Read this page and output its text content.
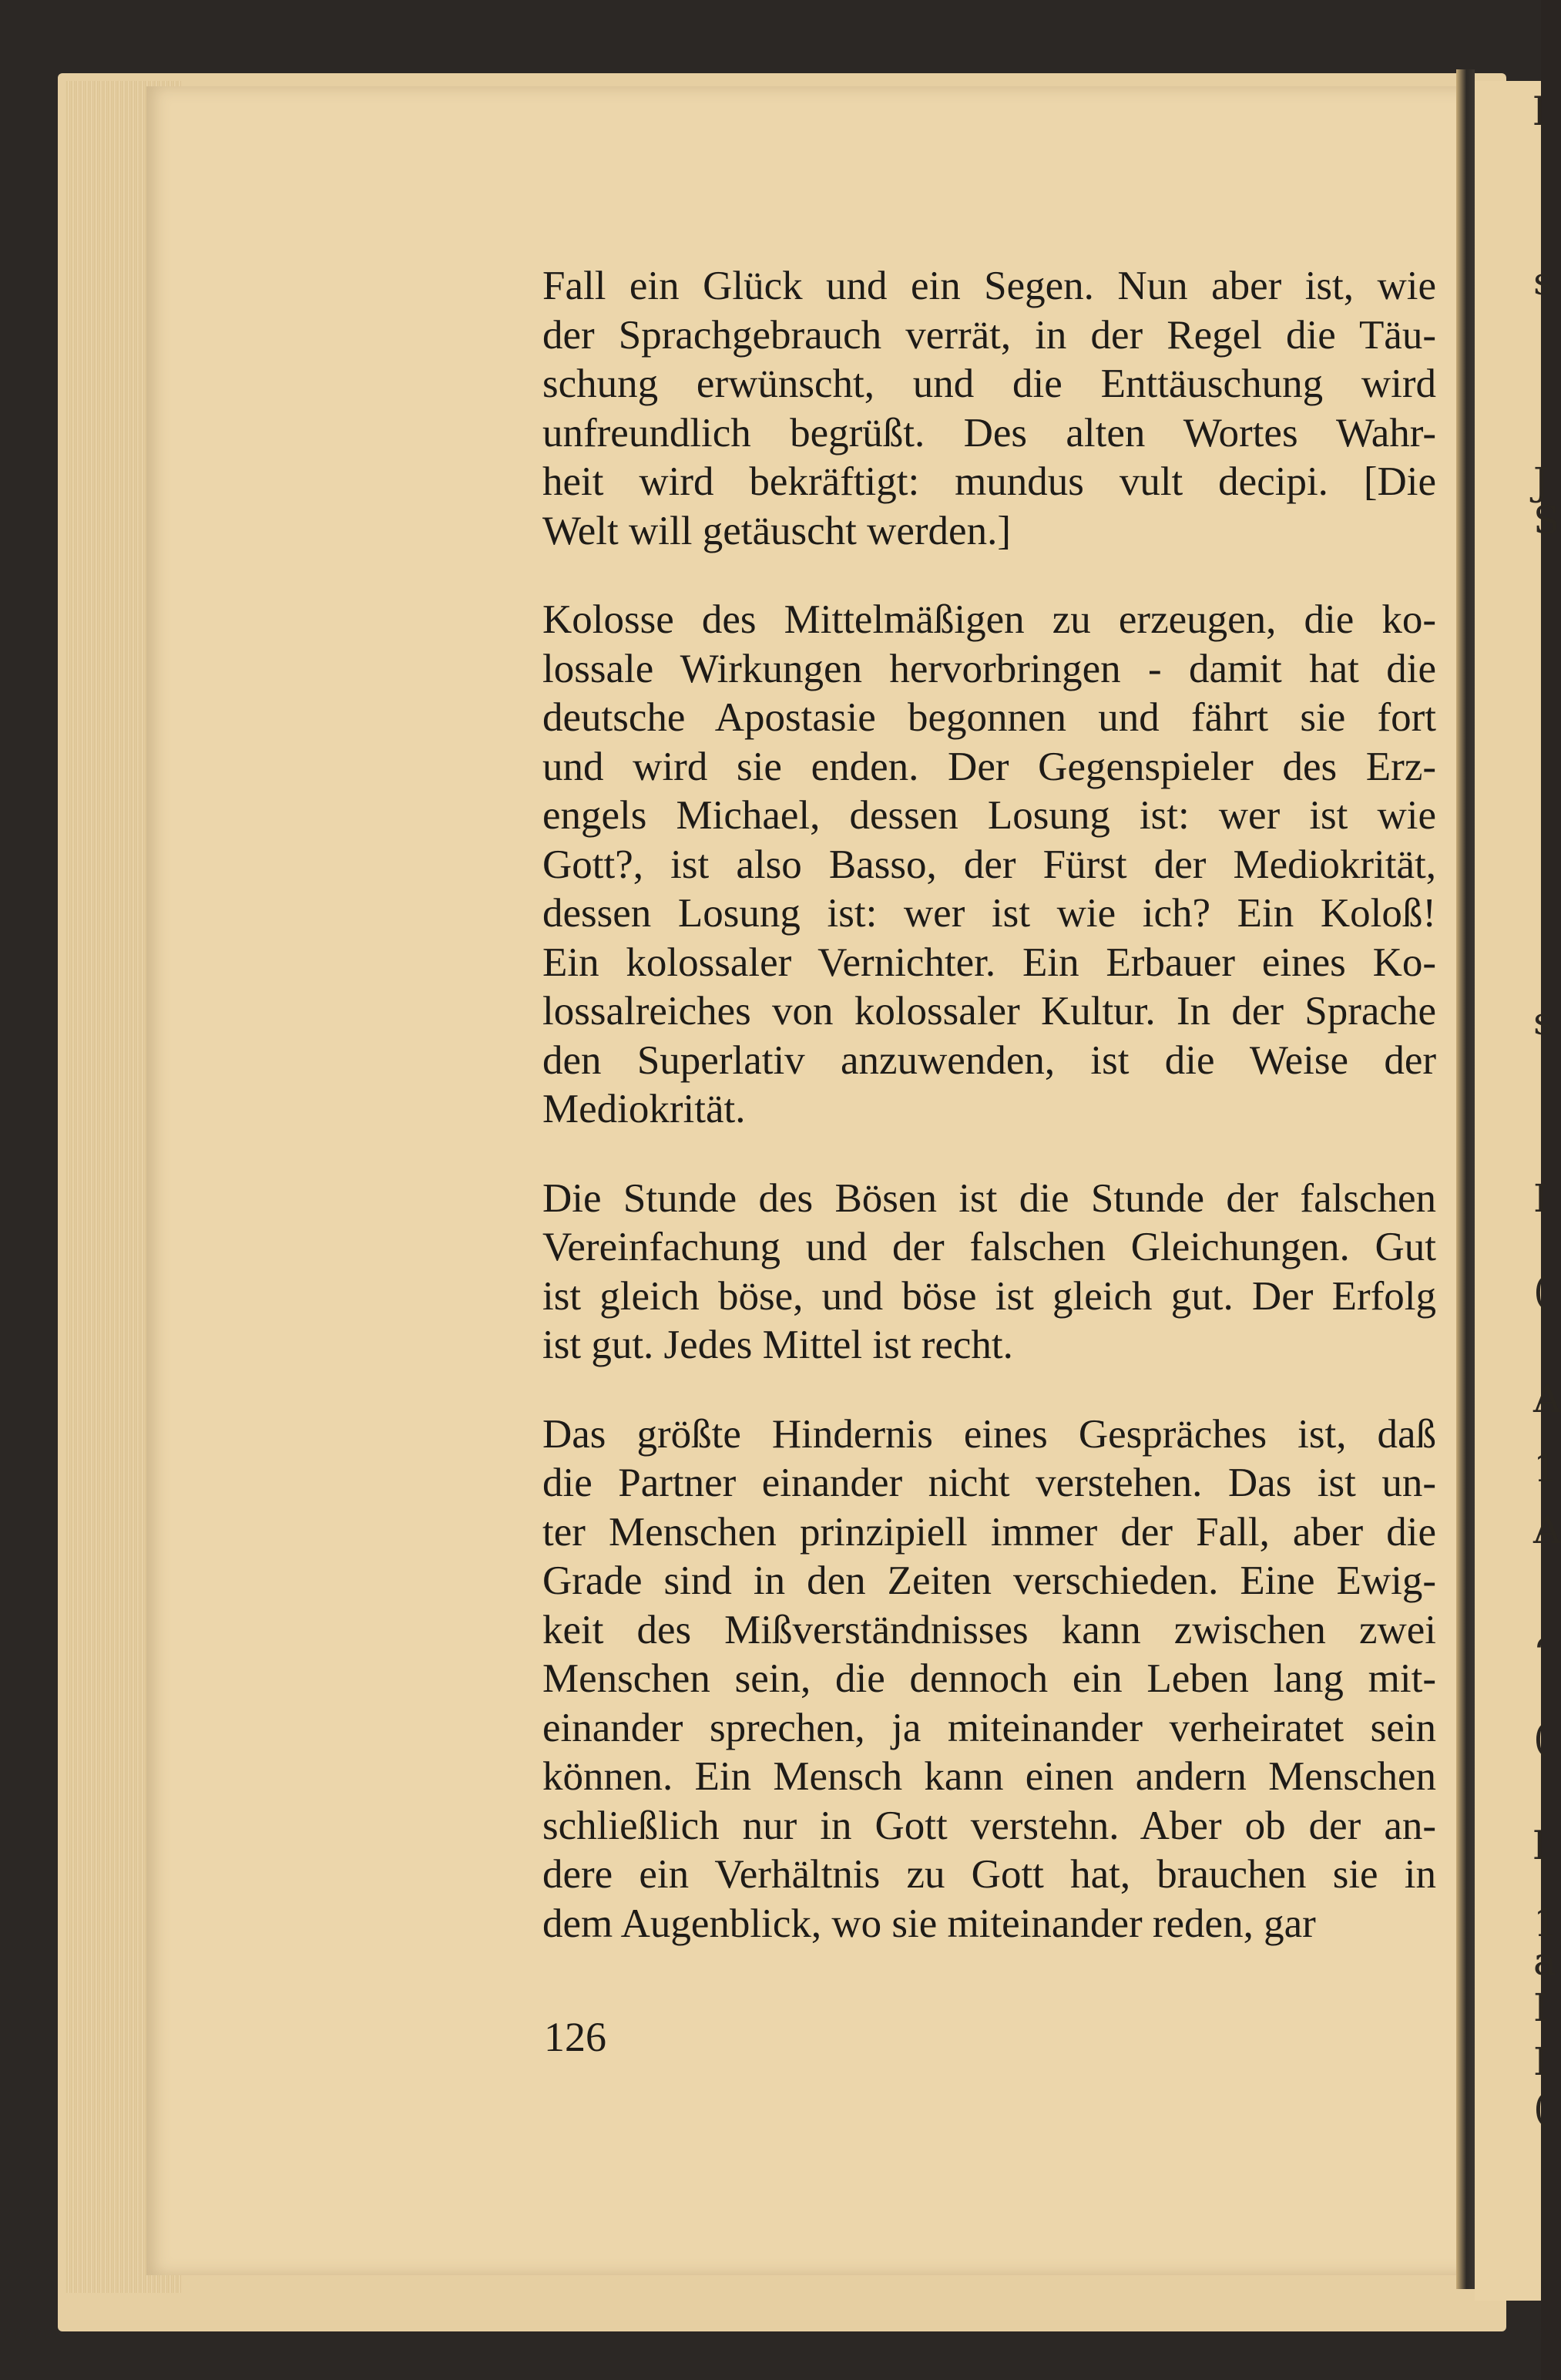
l
s
J
S
s
I
(
A
1
A
‘
(
l
1
a
I
I
(
Fall ein Glück und ein Segen. Nun aber ist, wie
der Sprachgebrauch verrät, in der Regel die Täu-
schung erwünscht, und die Enttäuschung wird
unfreundlich begrüßt. Des alten Wortes Wahr-
heit wird bekräftigt: mundus vult decipi. [Die
Welt will getäuscht werden.]
Kolosse des Mittelmäßigen zu erzeugen, die ko-
lossale Wirkungen hervorbringen - damit hat die
deutsche Apostasie begonnen und fährt sie fort
und wird sie enden. Der Gegenspieler des Erz-
engels Michael, dessen Losung ist: wer ist wie
Gott?, ist also Basso, der Fürst der Mediokrität,
dessen Losung ist: wer ist wie ich? Ein Koloß!
Ein kolossaler Vernichter. Ein Erbauer eines Ko-
lossalreiches von kolossaler Kultur. In der Sprache
den Superlativ anzuwenden, ist die Weise der
Mediokrität.
Die Stunde des Bösen ist die Stunde der falschen
Vereinfachung und der falschen Gleichungen. Gut
ist gleich böse, und böse ist gleich gut. Der Erfolg
ist gut. Jedes Mittel ist recht.
Das größte Hindernis eines Gespräches ist, daß
die Partner einander nicht verstehen. Das ist un-
ter Menschen prinzipiell immer der Fall, aber die
Grade sind in den Zeiten verschieden. Eine Ewig-
keit des Mißverständnisses kann zwischen zwei
Menschen sein, die dennoch ein Leben lang mit-
einander sprechen, ja miteinander verheiratet sein
können. Ein Mensch kann einen andern Menschen
schließlich nur in Gott verstehn. Aber ob der an-
dere ein Verhältnis zu Gott hat, brauchen sie in
dem Augenblick, wo sie miteinander reden, gar
126
